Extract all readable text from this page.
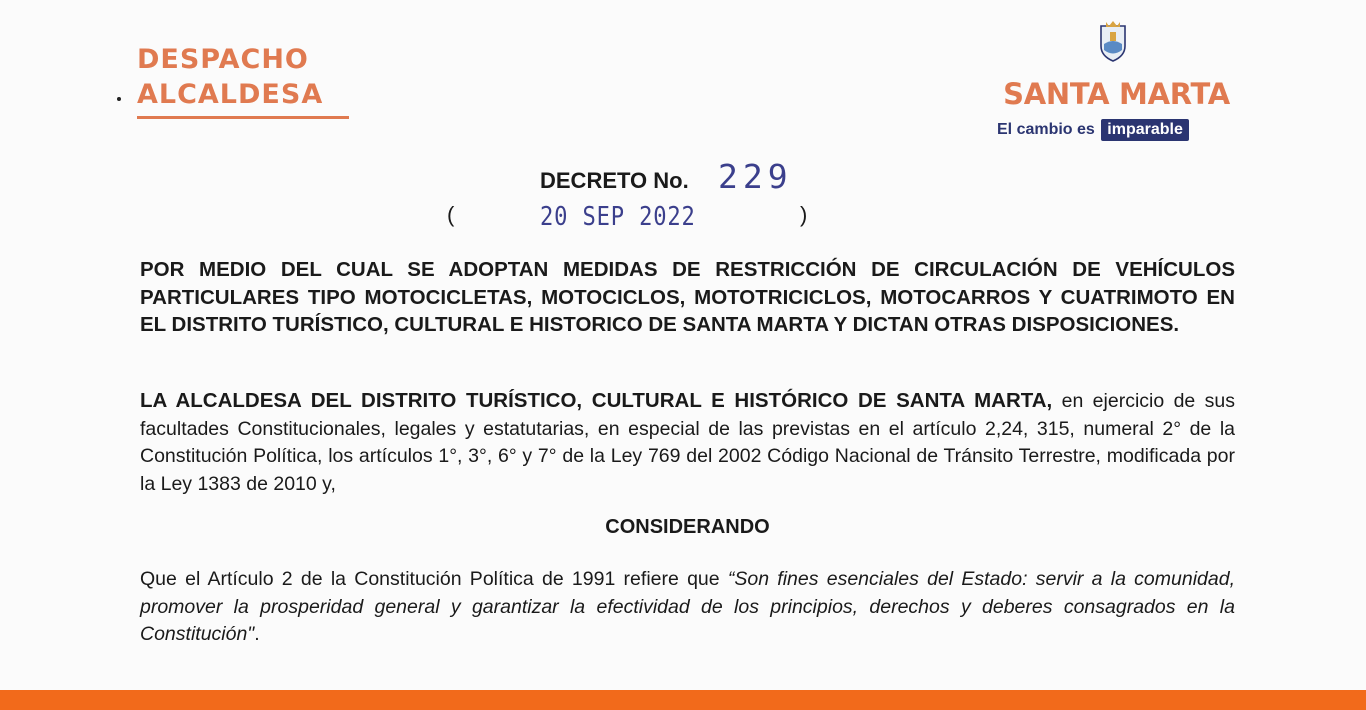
DESPACHO
ALCALDESA	SANTA MARTA
El cambio es imparable
DECRETO No. 229
(	20 SEP 2022	)
POR MEDIO DEL CUAL SE ADOPTAN MEDIDAS DE RESTRICCIÓN DE CIRCULACIÓN DE VEHÍCULOS PARTICULARES TIPO MOTOCICLETAS, MOTOCICLOS, MOTOTRICICLOS, MOTOCARROS Y CUATRIMOTO EN EL DISTRITO TURÍSTICO, CULTURAL E HISTORICO DE SANTA MARTA Y DICTAN OTRAS DISPOSICIONES.
LA ALCALDESA DEL DISTRITO TURÍSTICO, CULTURAL E HISTÓRICO DE SANTA MARTA, en ejercicio de sus facultades Constitucionales, legales y estatutarias, en especial de las previstas en el artículo 2,24, 315, numeral 2° de la Constitución Política, los artículos 1°, 3°, 6° y 7° de la Ley 769 del 2002 Código Nacional de Tránsito Terrestre, modificada por la Ley 1383 de 2010 y,
CONSIDERANDO
Que el Artículo 2 de la Constitución Política de 1991 refiere que “Son fines esenciales del Estado: servir a la comunidad, promover la prosperidad general y garantizar la efectividad de los principios, derechos y deberes consagrados en la Constitución".
